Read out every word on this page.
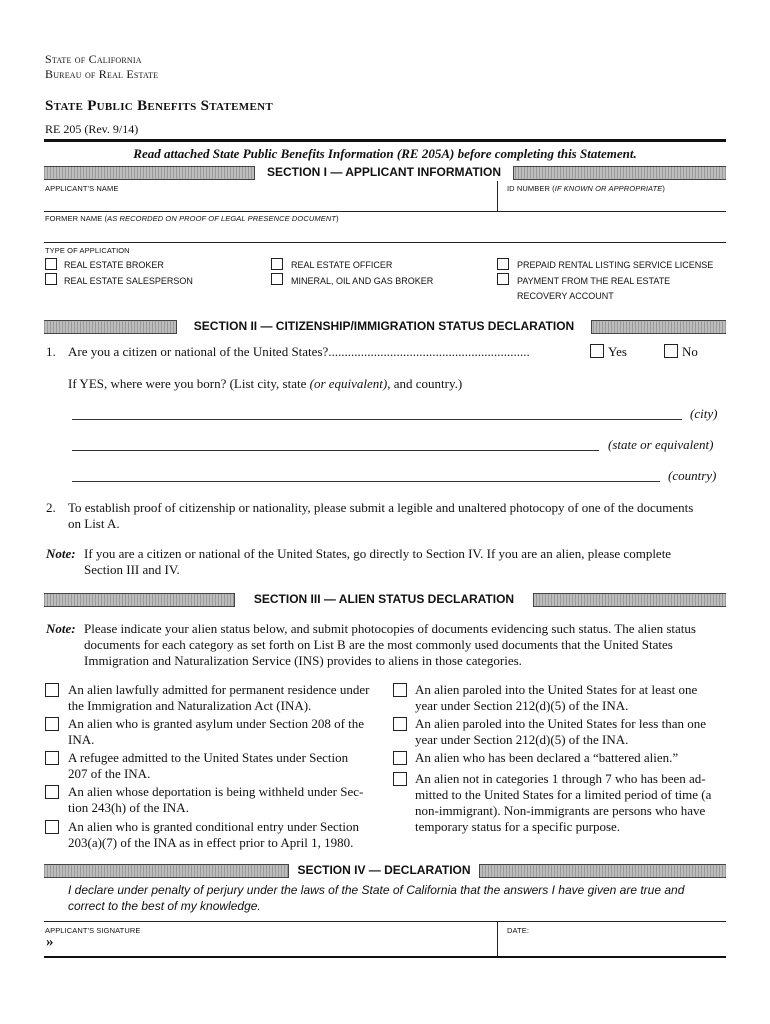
State of California
Bureau of Real Estate
State Public Benefits Statement
RE 205 (Rev. 9/14)
Read attached State Public Benefits Information (RE 205A) before completing this Statement.
SECTION I — APPLICANT INFORMATION
APPLICANT'S NAME	ID NUMBER (IF KNOWN OR APPROPRIATE)
FORMER NAME (AS RECORDED ON PROOF OF LEGAL PRESENCE DOCUMENT)
TYPE OF APPLICATION
REAL ESTATE BROKER
REAL ESTATE SALESPERSON
REAL ESTATE OFFICER
MINERAL, OIL AND GAS BROKER
PREPAID RENTAL LISTING SERVICE LICENSE
PAYMENT FROM THE REAL ESTATE
RECOVERY ACCOUNT
SECTION II — CITIZENSHIP/IMMIGRATION STATUS DECLARATION
1. Are you a citizen or national of the United States?..............................................................	Yes	No
If YES, where were you born? (List city, state (or equivalent), and country.)
(city)
(state or equivalent)
(country)
2. To establish proof of citizenship or nationality, please submit a legible and unaltered photocopy of one of the documents
on List A.
Note: If you are a citizen or national of the United States, go directly to Section IV. If you are an alien, please complete
Section III and IV.
SECTION III — ALIEN STATUS DECLARATION
Note: Please indicate your alien status below, and submit photocopies of documents evidencing such status. The alien status
documents for each category as set forth on List B are the most commonly used documents that the United States
Immigration and Naturalization Service (INS) provides to aliens in those categories.
An alien lawfully admitted for permanent residence under
the Immigration and Naturalization Act (INA).
An alien who is granted asylum under Section 208 of the
INA.
A refugee admitted to the United States under Section
207 of the INA.
An alien whose deportation is being withheld under Sec-
tion 243(h) of the INA.
An alien who is granted conditional entry under Section
203(a)(7) of the INA as in effect prior to April 1, 1980.
An alien paroled into the United States for at least one
year under Section 212(d)(5) of the INA.
An alien paroled into the United States for less than one
year under Section 212(d)(5) of the INA.
An alien who has been declared a “battered alien.”
An alien not in categories 1 through 7 who has been ad-
mitted to the United States for a limited period of time (a
non-immigrant). Non-immigrants are persons who have
temporary status for a specific purpose.
SECTION IV — DECLARATION
I declare under penalty of perjury under the laws of the State of California that the answers I have given are true and
correct to the best of my knowledge.
APPLICANT'S SIGNATURE
»
DATE:
